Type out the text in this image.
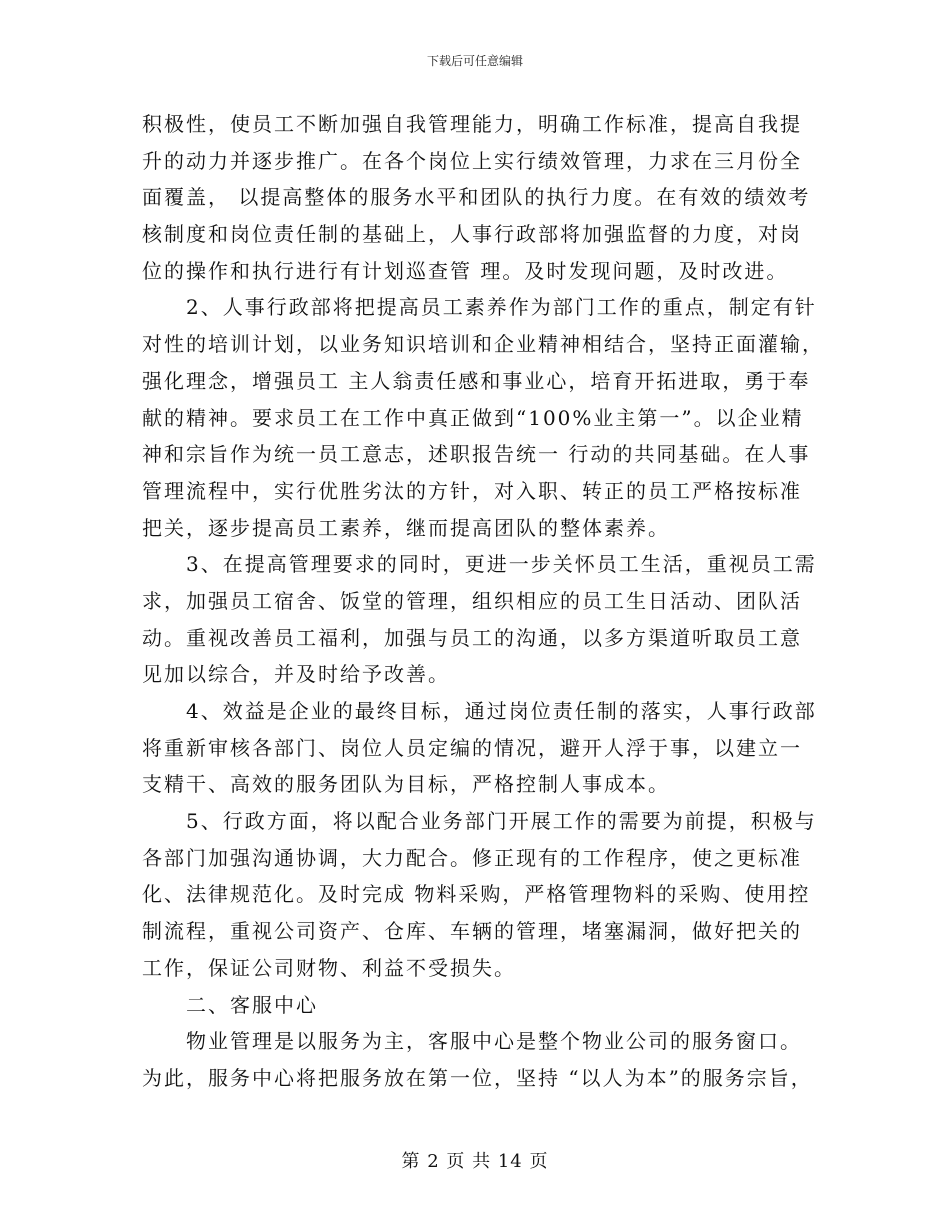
下载后可任意编辑
积极性，使员工不断加强自我管理能力，明确工作标准，提高自我提
升的动力并逐步推广。在各个岗位上实行绩效管理，力求在三月份全
面覆盖， 以提高整体的服务水平和团队的执行力度。在有效的绩效考
核制度和岗位责任制的基础上，人事行政部将加强监督的力度，对岗
位的操作和执行进行有计划巡查管 理。及时发现问题，及时改进。
2、人事行政部将把提高员工素养作为部门工作的重点，制定有针
对性的培训计划，以业务知识培训和企业精神相结合，坚持正面灌输，
强化理念，增强员工 主人翁责任感和事业心，培育开拓进取，勇于奉
献的精神。要求员工在工作中真正做到“100%业主第一”。以企业精
神和宗旨作为统一员工意志，述职报告统一 行动的共同基础。在人事
管理流程中，实行优胜劣汰的方针，对入职、转正的员工严格按标准
把关，逐步提高员工素养，继而提高团队的整体素养。
3、在提高管理要求的同时，更进一步关怀员工生活，重视员工需
求，加强员工宿舍、饭堂的管理，组织相应的员工生日活动、团队活
动。重视改善员工福利，加强与员工的沟通，以多方渠道听取员工意
见加以综合，并及时给予改善。
4、效益是企业的最终目标，通过岗位责任制的落实，人事行政部
将重新审核各部门、岗位人员定编的情况，避开人浮于事，以建立一
支精干、高效的服务团队为目标，严格控制人事成本。
5、行政方面，将以配合业务部门开展工作的需要为前提，积极与
各部门加强沟通协调，大力配合。修正现有的工作程序，使之更标准
化、法律规范化。及时完成 物料采购，严格管理物料的采购、使用控
制流程，重视公司资产、仓库、车辆的管理，堵塞漏洞，做好把关的
工作，保证公司财物、利益不受损失。
二、客服中心
物业管理是以服务为主，客服中心是整个物业公司的服务窗口。
为此，服务中心将把服务放在第一位，坚持 “以人为本”的服务宗旨，
第 2 页 共 14 页
